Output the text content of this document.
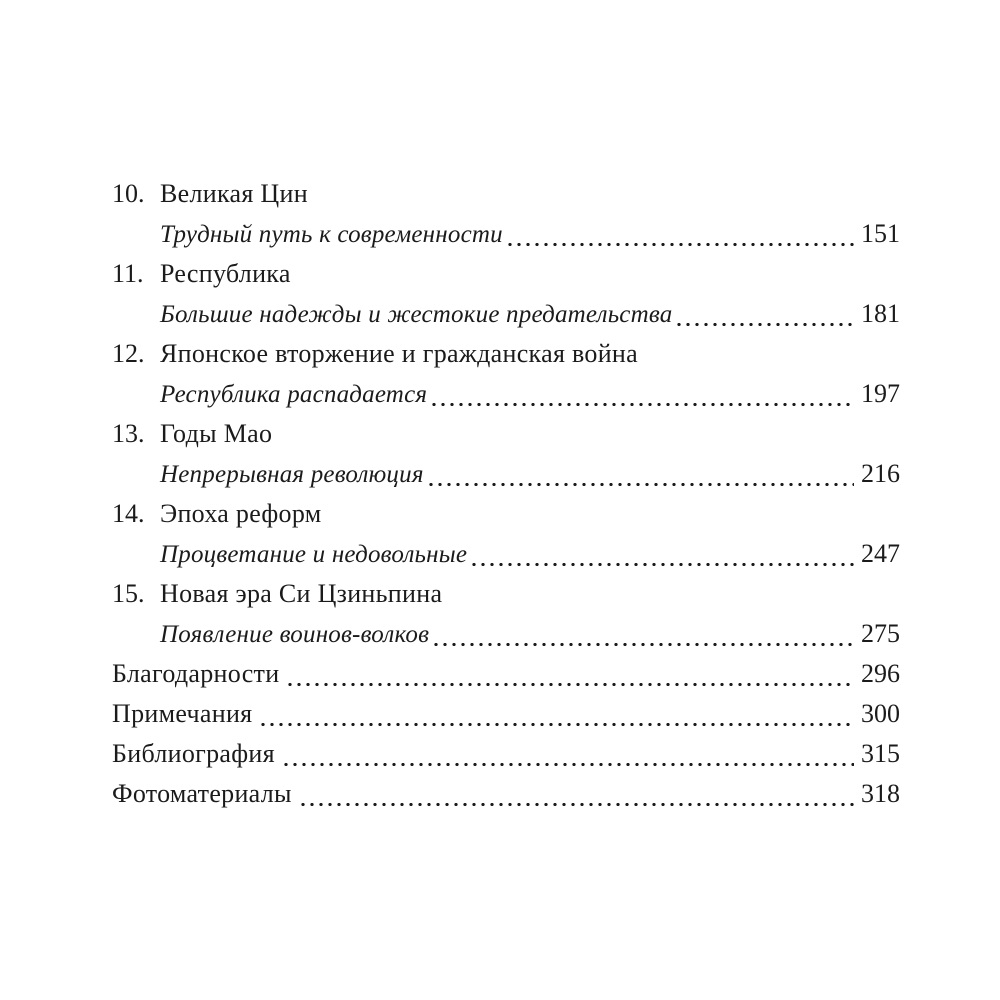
10. Великая Цин
Трудный путь к современности	151
11. Республика
Большие надежды и жестокие предательства	181
12. Японское вторжение и гражданская война
Республика распадается	197
13. Годы Мао
Непрерывная революция	216
14. Эпоха реформ
Процветание и недовольные	247
15. Новая эра Си Цзиньпина
Появление воинов-волков	275
Благодарности	296
Примечания	300
Библиография	315
Фотоматериалы	318
